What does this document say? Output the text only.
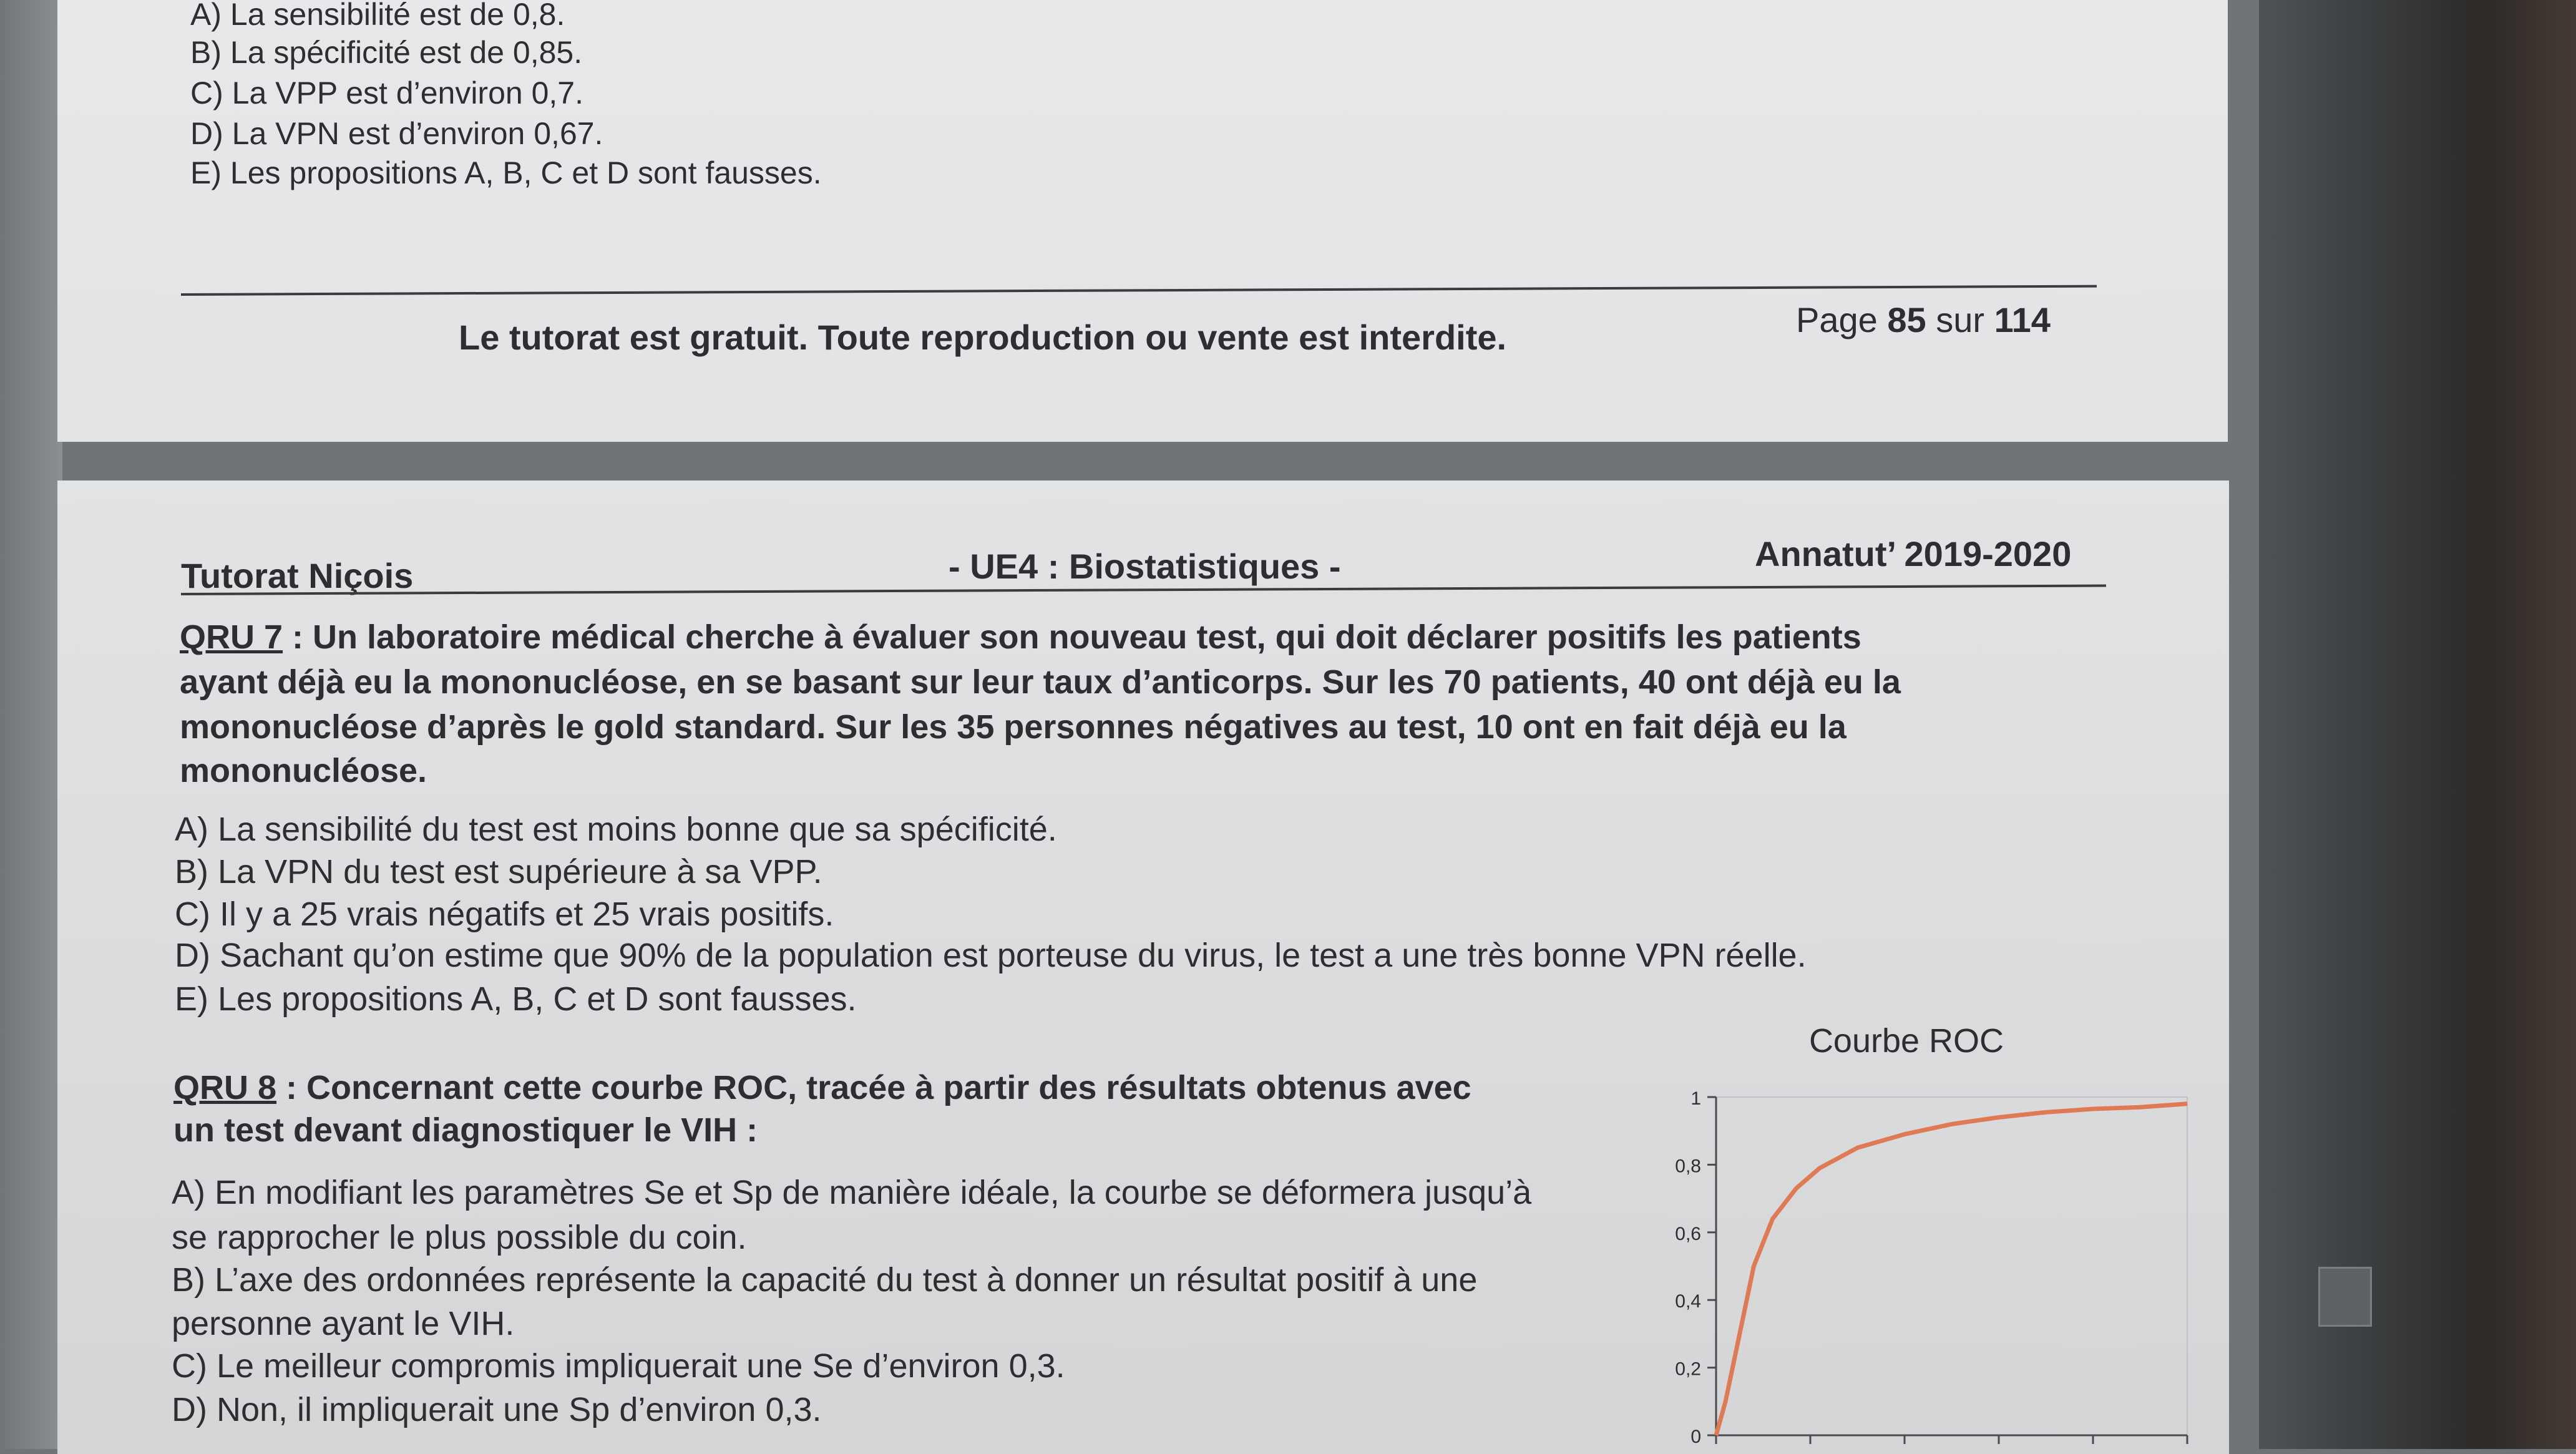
A) La sensibilité est de 0,8.
B) La spécificité est de 0,85.
C) La VPP est d’environ 0,7.
D) La VPN est d’environ 0,67.
E) Les propositions A, B, C et D sont fausses.
Le tutorat est gratuit. Toute reproduction ou vente est interdite.	Page 85 sur 114
Tutorat Niçois	- UE4 : Biostatistiques -	Annatut’ 2019-2020
QRU 7 : Un laboratoire médical cherche à évaluer son nouveau test, qui doit déclarer positifs les patients
ayant déjà eu la mononucléose, en se basant sur leur taux d’anticorps. Sur les 70 patients, 40 ont déjà eu la
mononucléose d’après le gold standard. Sur les 35 personnes négatives au test, 10 ont en fait déjà eu la
mononucléose.
A) La sensibilité du test est moins bonne que sa spécificité.
B) La VPN du test est supérieure à sa VPP.
C) Il y a 25 vrais négatifs et 25 vrais positifs.
D) Sachant qu’on estime que 90% de la population est porteuse du virus, le test a une très bonne VPN réelle.
E) Les propositions A, B, C et D sont fausses.
QRU 8 : Concernant cette courbe ROC, tracée à partir des résultats obtenus avec
un test devant diagnostiquer le VIH :
A) En modifiant les paramètres Se et Sp de manière idéale, la courbe se déformera jusqu’à
se rapprocher le plus possible du coin.
B) L’axe des ordonnées représente la capacité du test à donner un résultat positif à une
personne ayant le VIH.
C) Le meilleur compromis impliquerait une Se d’environ 0,3.
D) Non, il impliquerait une Sp d’environ 0,3.
Courbe ROC
0
0,2
0,4
0,6
0,8
1
